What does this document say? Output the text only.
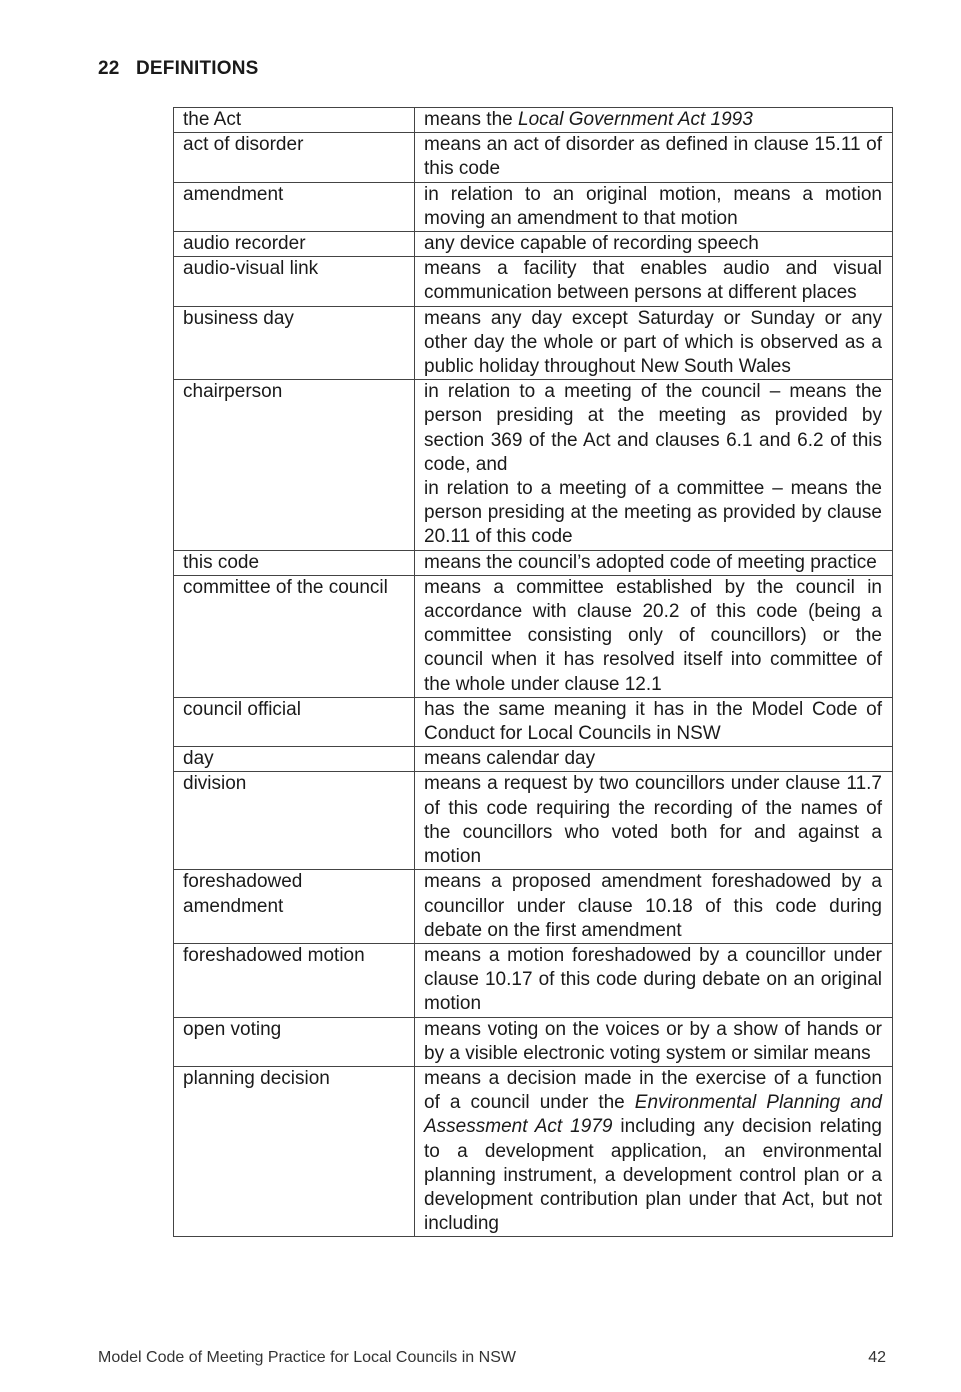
22 DEFINITIONS
the Act	means the Local Government Act 1993
act of disorder	means an act of disorder as defined in clause 15.11 of this code
amendment	in relation to an original motion, means a motion moving an amendment to that motion
audio recorder	any device capable of recording speech
audio-visual link	means a facility that enables audio and visual communication between persons at different places
business day	means any day except Saturday or Sunday or any other day the whole or part of which is observed as a public holiday throughout New South Wales
chairperson	in relation to a meeting of the council – means the person presiding at the meeting as provided by section 369 of the Act and clauses 6.1 and 6.2 of this code, and
in relation to a meeting of a committee – means the person presiding at the meeting as provided by clause 20.11 of this code

this code	means the council’s adopted code of meeting practice
committee of the council	means a committee established by the council in accordance with clause 20.2 of this code (being a committee consisting only of councillors) or the council when it has resolved itself into committee of the whole under clause 12.1
council official	has the same meaning it has in the Model Code of Conduct for Local Councils in NSW
day	means calendar day
division	means a request by two councillors under clause 11.7 of this code requiring the recording of the names of the councillors who voted both for and against a motion
foreshadowed amendment	means a proposed amendment foreshadowed by a councillor under clause 10.18 of this code during debate on the first amendment
foreshadowed motion	means a motion foreshadowed by a councillor under clause 10.17 of this code during debate on an original motion
open voting	means voting on the voices or by a show of hands or by a visible electronic voting system or similar means
planning decision	means a decision made in the exercise of a function of a council under the Environmental Planning and Assessment Act 1979 including any decision relating to a development application, an environmental planning instrument, a development control plan or a development contribution plan under that Act, but not including
Model Code of Meeting Practice for Local Councils in NSW	42
